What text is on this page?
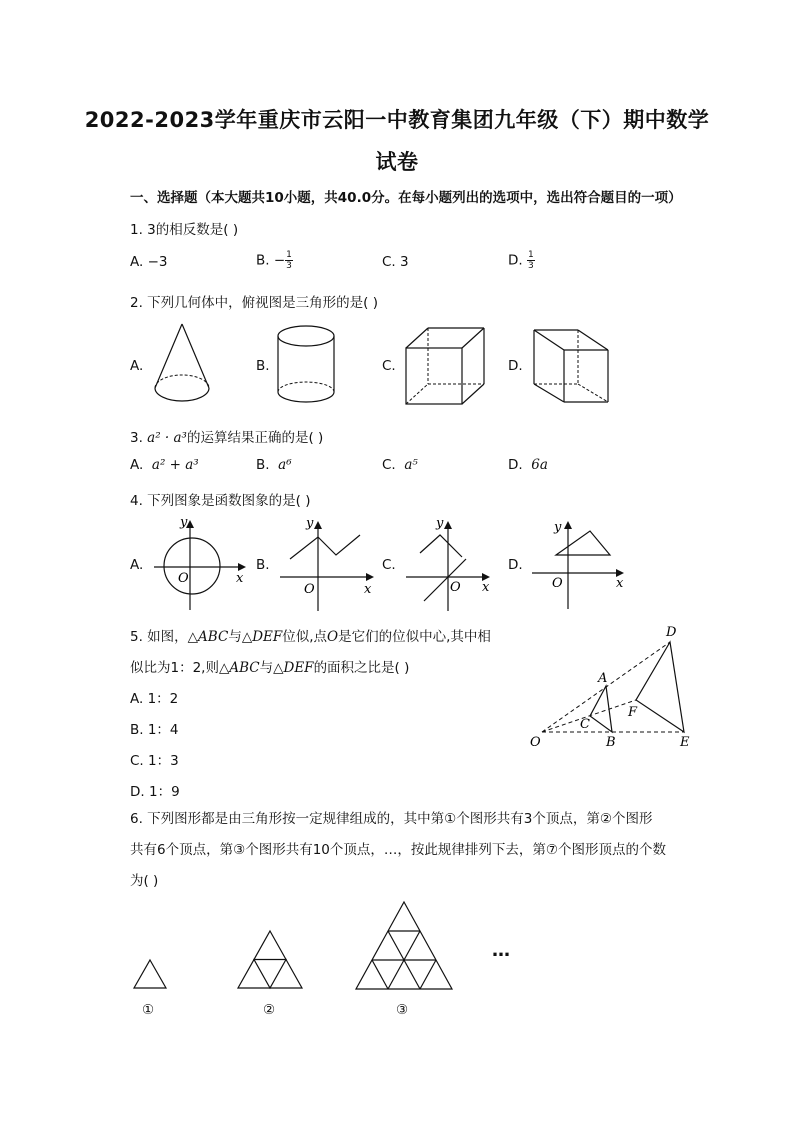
2022-2023学年重庆市云阳一中教育集团九年级（下）期中数学
试卷
一、选择题（本大题共10小题，共40.0分。在每小题列出的选项中，选出符合题目的一项）
1. 3的相反数是( )
A. −3	B. − $\frac{1}{3}$	C. 3	D. $\frac{1}{3}$
2. 下列几何体中，俯视图是三角形的是( )
A.	B.	C.	D.
3. a² · a³的运算结果正确的是( )
A. a² + a³	B. a⁶	C. a⁵	D. 6a
4. 下列图象是函数图象的是( )
A.	B.	C.	D.
O	x
y
O	x
y
O x
y
O	x
y
5. 如图，△ABC与△DEF位似,点O是它们的位似中心,其中相
似比为1：2,则△ABC与△DEF的面积之比是( )
A. 1：2
B. 1：4
C. 1：3
D. 1：9
D
A
F
C
O	B	E
6. 下列图形都是由三角形按一定规律组成的，其中第①个图形共有3个顶点，第②个图形
共有6个顶点，第③个图形共有10个顶点，…，按此规律排列下去，第⑦个图形顶点的个数
为( )
…
①	②	③
